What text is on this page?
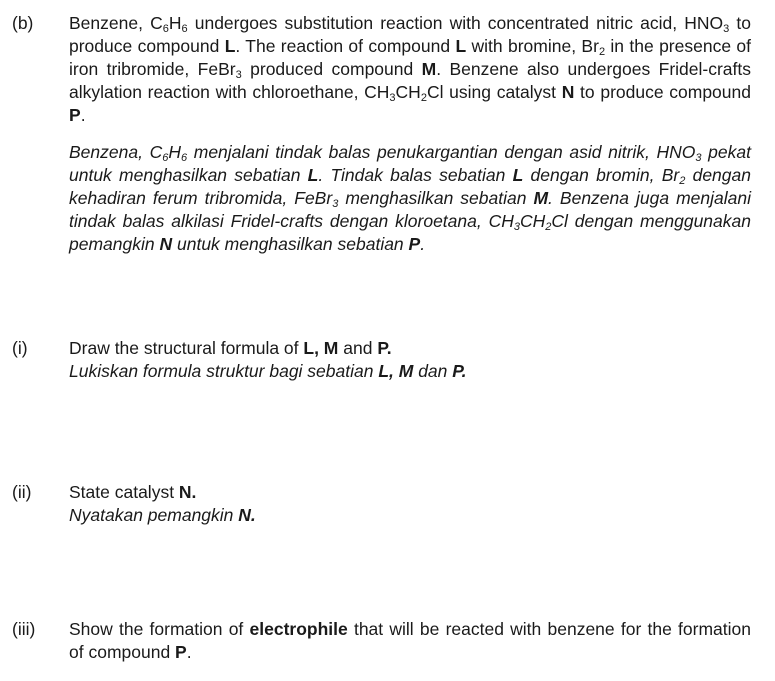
(b) Benzene, $C_6H_6$ undergoes substitution reaction with concentrated nitric acid, $HNO_3$ to produce compound L. The reaction of compound L with bromine, $Br_2$ in the presence of iron tribromide, FeBr$_3$ produced compound M. Benzene also undergoes Fridel-crafts alkylation reaction with chloroethane, $CH_3CH_2Cl$ using catalyst N to produce compound P.
Benzena, $C_6H_6$ menjalani tindak balas penukargantian dengan asid nitrik, $HNO_3$ pekat untuk menghasilkan sebatian L. Tindak balas sebatian L dengan bromin, $Br_2$ dengan kehadiran ferum tribromida, FeBr$_3$ menghasilkan sebatian M. Benzena juga menjalani tindak balas alkilasi Fridel-crafts dengan kloroetana, $CH_3CH_2Cl$ dengan menggunakan pemangkin N untuk menghasilkan sebatian P.
(i) Draw the structural formula of L, M and P.

Lukiskan formula struktur bagi sebatian L, M dan P.

(ii) State catalyst N.

Nyatakan pemangkin N.

(iii) Show the formation of electrophile that will be reacted with benzene for the formation of compound P.
